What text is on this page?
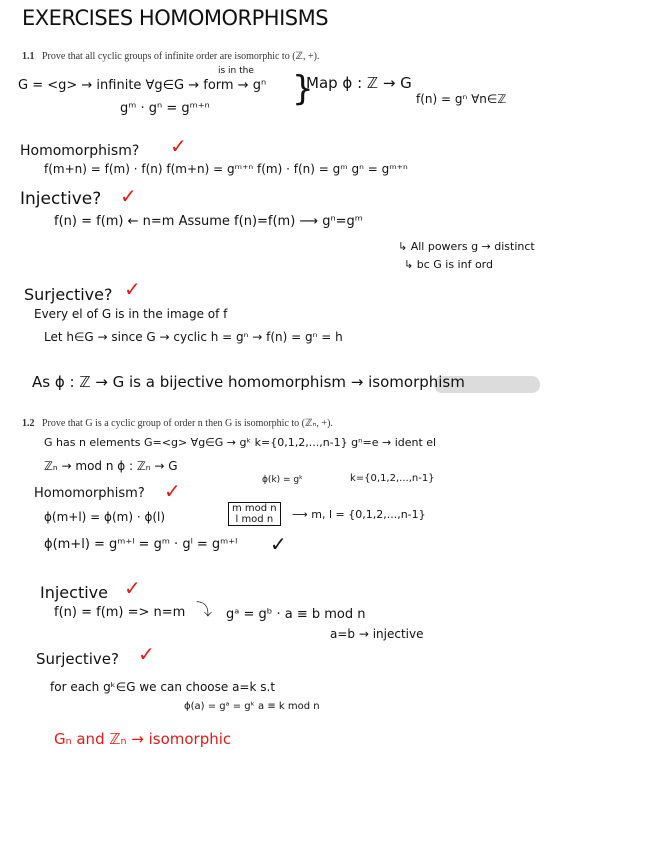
EXERCISES HOMOMORPHISMS
1.1 Prove that all cyclic groups of infinite order are isomorphic to (ℤ, +).
is in the
G = <g> → infinite ∀g∈G → form → gⁿ
gᵐ · gⁿ = gᵐ⁺ⁿ }
Map ϕ : ℤ → G
f(n) = gⁿ ∀n∈ℤ
Homomorphism? ✓
f(m+n) = f(m) · f(n) f(m+n) = gᵐ⁺ⁿ f(m) · f(n) = gᵐ gⁿ = gᵐ⁺ⁿ
Injective? ✓
f(n) = f(m) ← n=m Assume f(n)=f(m) ⟶ gⁿ=gᵐ
↳ All powers g → distinct
↳ bc G is inf ord
Surjective? ✓
Every el of G is in the image of f
Let h∈G → since G → cyclic h = gⁿ → f(n) = gⁿ = h
As ϕ : ℤ → G is a bijective homomorphism → isomorphism
1.2 Prove that G is a cyclic group of order n then G is isomorphic to (ℤₙ, +).
G has n elements G=<g> ∀g∈G → gᵏ k={0,1,2,...,n-1} gⁿ=e → ident el
ℤₙ → mod n ϕ : ℤₙ → G
ϕ(k) = gᵏ	k={0,1,2,...,n-1}
Homomorphism? ✓
ϕ(m+l) = ϕ(m) · ϕ(l)
m mod n
l mod n	⟶ m, l = {0,1,2,...,n-1}
ϕ(m+l) = gᵐ⁺ˡ = gᵐ · gˡ = gᵐ⁺ˡ ✓
Injective ✓
f(n) = f(m) => n=m ⤵ gᵃ = gᵇ · a ≡ b mod n
a=b → injective
Surjective? ✓
for each gᵏ∈G we can choose a=k s.t
ϕ(a) = gᵃ = gᵏ a ≡ k mod n
Gₙ and ℤₙ → isomorphic
